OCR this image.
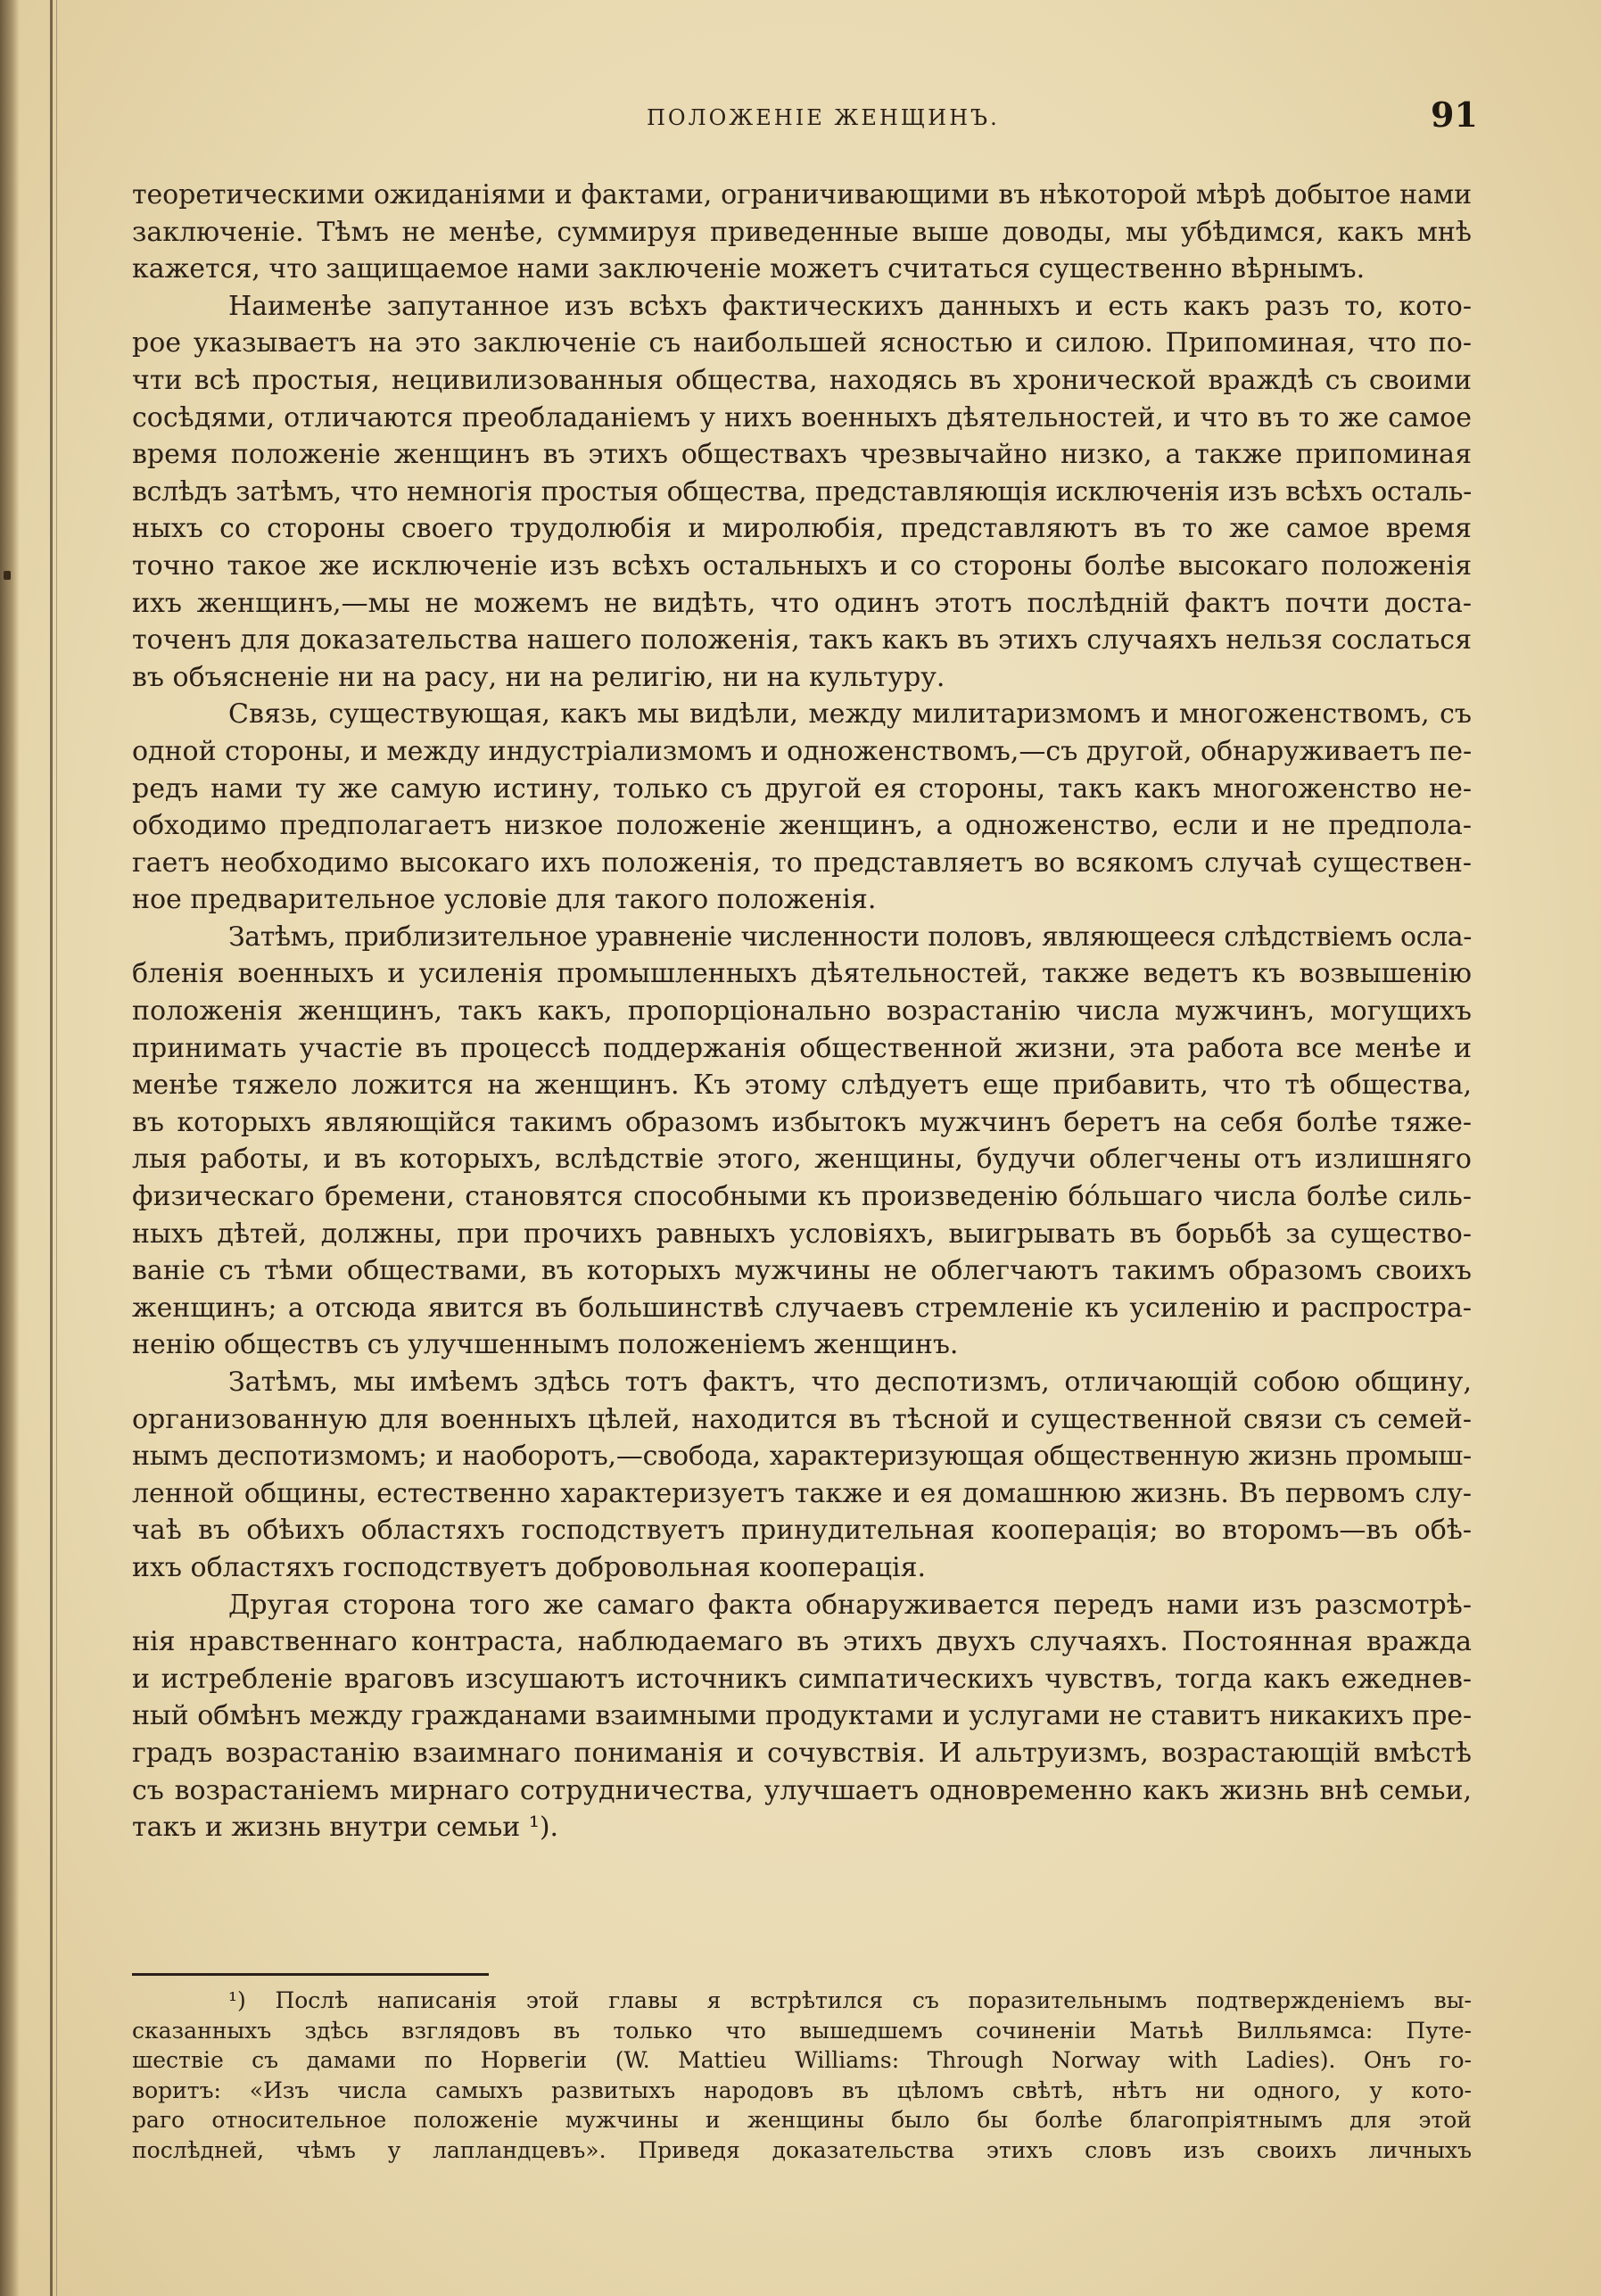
ПОЛОЖЕНІЕ ЖЕНЩИНЪ.	91
теоретическими ожиданіями и фактами, ограничивающими въ нѣкоторой мѣрѣ добытое нами
заключеніе. Тѣмъ не менѣе, суммируя приведенные выше доводы, мы убѣдимся, какъ мнѣ
кажется, что защищаемое нами заключеніе можетъ считаться существенно вѣрнымъ.
Наименѣе запутанное изъ всѣхъ фактическихъ данныхъ и есть какъ разъ то, кото-
рое указываетъ на это заключеніе съ наибольшей ясностью и силою. Припоминая, что по-
чти всѣ простыя, нецивилизованныя общества, находясь въ хронической враждѣ съ своими
сосѣдями, отличаются преобладаніемъ у нихъ военныхъ дѣятельностей, и что въ то же самое
время положеніе женщинъ въ этихъ обществахъ чрезвычайно низко, а также припоминая
вслѣдъ затѣмъ, что немногія простыя общества, представляющія исключенія изъ всѣхъ осталь-
ныхъ со стороны своего трудолюбія и миролюбія, представляютъ въ то же самое время
точно такое же исключеніе изъ всѣхъ остальныхъ и со стороны болѣе высокаго положенія
ихъ женщинъ,—мы не можемъ не видѣть, что одинъ этотъ послѣдній фактъ почти доста-
точенъ для доказательства нашего положенія, такъ какъ въ этихъ случаяхъ нельзя сослаться
въ объясненіе ни на расу, ни на религію, ни на культуру.
Связь, существующая, какъ мы видѣли, между милитаризмомъ и многоженствомъ, съ
одной стороны, и между индустріализмомъ и одноженствомъ,—съ другой, обнаруживаетъ пе-
редъ нами ту же самую истину, только съ другой ея стороны, такъ какъ многоженство не-
обходимо предполагаетъ низкое положеніе женщинъ, а одноженство, если и не предпола-
гаетъ необходимо высокаго ихъ положенія, то представляетъ во всякомъ случаѣ существен-
ное предварительное условіе для такого положенія.
Затѣмъ, приблизительное уравненіе численности половъ, являющееся слѣдствіемъ осла-
бленія военныхъ и усиленія промышленныхъ дѣятельностей, также ведетъ къ возвышенію
положенія женщинъ, такъ какъ, пропорціонально возрастанію числа мужчинъ, могущихъ
принимать участіе въ процессѣ поддержанія общественной жизни, эта работа все менѣе и
менѣе тяжело ложится на женщинъ. Къ этому слѣдуетъ еще прибавить, что тѣ общества,
въ которыхъ являющійся такимъ образомъ избытокъ мужчинъ беретъ на себя болѣе тяже-
лыя работы, и въ которыхъ, вслѣдствіе этого, женщины, будучи облегчены отъ излишняго
физическаго бремени, становятся способными къ произведенію бóльшаго числа болѣе силь-
ныхъ дѣтей, должны, при прочихъ равныхъ условіяхъ, выигрывать въ борьбѣ за существо-
ваніе съ тѣми обществами, въ которыхъ мужчины не облегчаютъ такимъ образомъ своихъ
женщинъ; а отсюда явится въ большинствѣ случаевъ стремленіе къ усиленію и распростра-
ненію обществъ съ улучшеннымъ положеніемъ женщинъ.
Затѣмъ, мы имѣемъ здѣсь тотъ фактъ, что деспотизмъ, отличающій собою общину,
организованную для военныхъ цѣлей, находится въ тѣсной и существенной связи съ семей-
нымъ деспотизмомъ; и наоборотъ,—свобода, характеризующая общественную жизнь промыш-
ленной общины, естественно характеризуетъ также и ея домашнюю жизнь. Въ первомъ слу-
чаѣ въ обѣихъ областяхъ господствуетъ принудительная кооперація; во второмъ—въ обѣ-
ихъ областяхъ господствуетъ добровольная кооперація.
Другая сторона того же самаго факта обнаруживается передъ нами изъ разсмотрѣ-
нія нравственнаго контраста, наблюдаемаго въ этихъ двухъ случаяхъ. Постоянная вражда
и истребленіе враговъ изсушаютъ источникъ симпатическихъ чувствъ, тогда какъ ежеднев-
ный обмѣнъ между гражданами взаимными продуктами и услугами не ставитъ никакихъ пре-
градъ возрастанію взаимнаго пониманія и сочувствія. И альтруизмъ, возрастающій вмѣстѣ
съ возрастаніемъ мирнаго сотрудничества, улучшаетъ одновременно какъ жизнь внѣ семьи,
такъ и жизнь внутри семьи ¹).
¹) Послѣ написанія этой главы я встрѣтился съ поразительнымъ подтвержденіемъ вы-
сказанныхъ здѣсь взглядовъ въ только что вышедшемъ сочиненіи Матьѣ Вилльямса: Путе-
шествіе съ дамами по Норвегіи (W. Mattieu Williams: Through Norway with Ladies). Онъ го-
воритъ: «Изъ числа самыхъ развитыхъ народовъ въ цѣломъ свѣтѣ, нѣтъ ни одного, у кото-
раго относительное положеніе мужчины и женщины было бы болѣе благопріятнымъ для этой
послѣдней, чѣмъ у лапландцевъ». Приведя доказательства этихъ словъ изъ своихъ личныхъ
